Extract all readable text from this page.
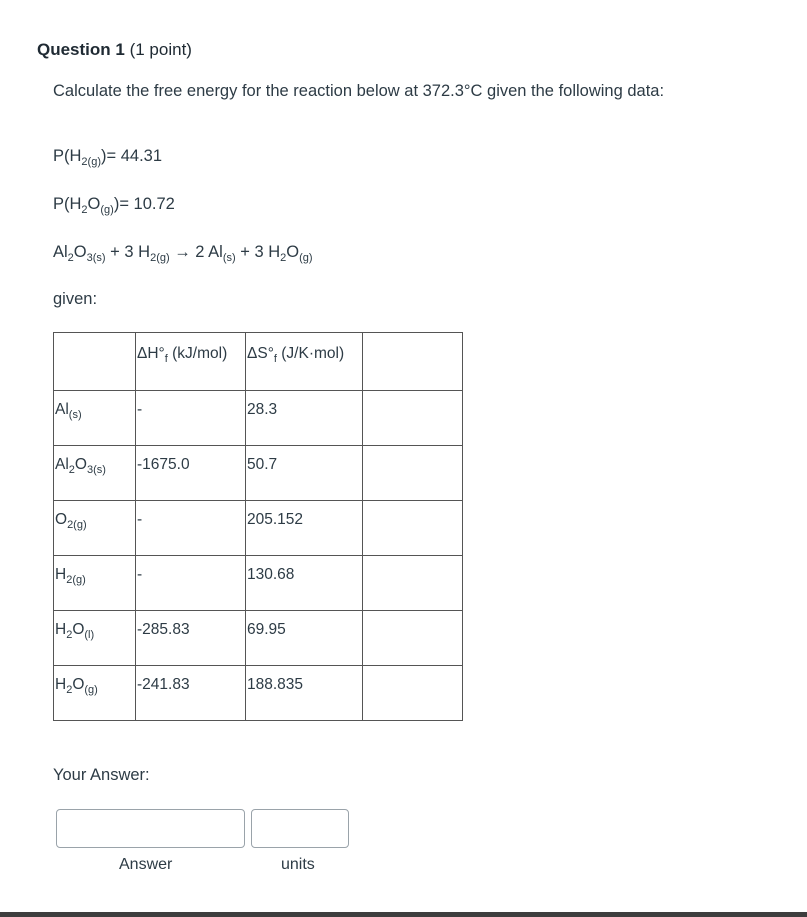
Question 1 (1 point)
Calculate the free energy for the reaction below at 372.3°C given the following data:
$P(H_{2(g)})= 44.31$
$P(H_2O_{(g)})= 10.72$
$Al_2O_{3(s)} + 3$ $H_{2(g)} \to 2$ $Al_{(s)} + 3$ $H_2O_{(g)}$
given:
	$\Delta H^\circ_f$ (kJ/mol)	$\Delta S^\circ_f$ (J/K·mol)	
$Al_{(s)}$	-	28.3	
$Al_2O_{3(s)}$	-1675.0	50.7	
$O_{2(g)}$	-	205.152	
$H_{2(g)}$	-	130.68	
$H_2O_{(l)}$	-285.83	69.95	
$H_2O_{(g)}$	-241.83	188.835	
Your Answer:
Answer	units
